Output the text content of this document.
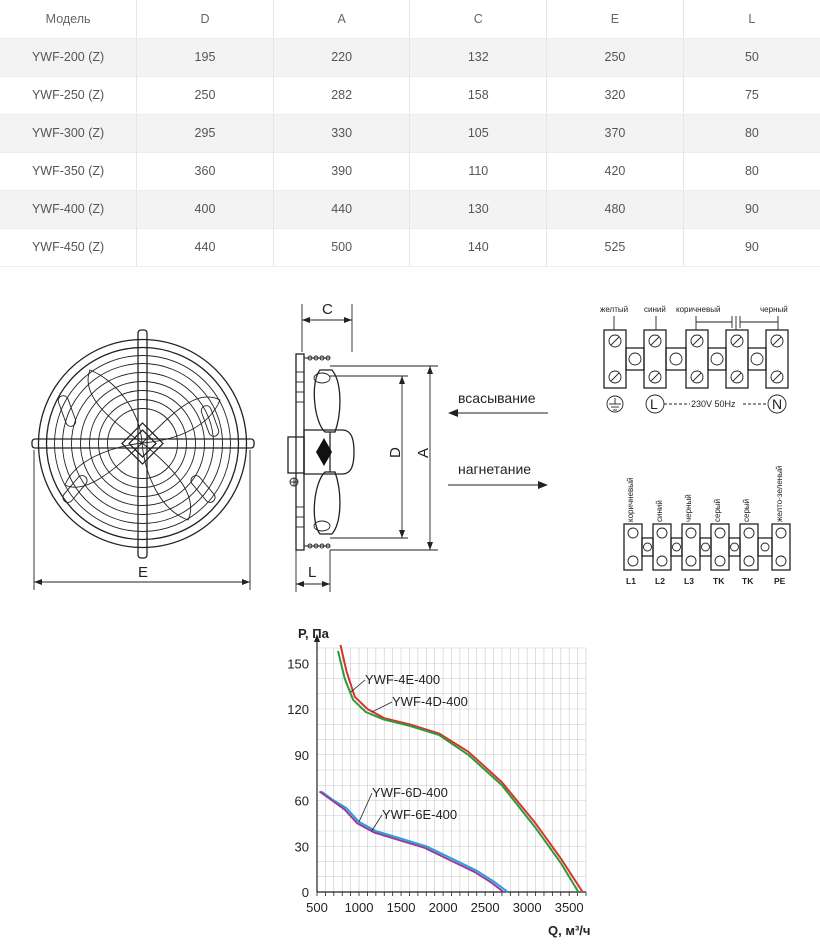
Модель	D	A	C	E	L
YWF-200 (Z)	195	220	132	250	50
YWF-250 (Z)	250	282	158	320	75
YWF-300 (Z)	295	330	105	370	80
YWF-350 (Z)	360	390	110	420	80
YWF-400 (Z)	400	440	130	480	90
YWF-450 (Z)	440	500	140	525	90
E
C
D A
L
всасывание
нагнетание
желтый синий коричневый	черный
L	230V 50Hz	N
коричневый	синий	черный	серый	серый	желто-зеленый
L1 L2 L3 TK TK PE
500 1000 1500 2000 2500 3000 3500
0
30
60
90
120
150
P, Па
Q, м³/ч
YWF-4E-400
YWF-4D-400
YWF-6D-400
YWF-6E-400
